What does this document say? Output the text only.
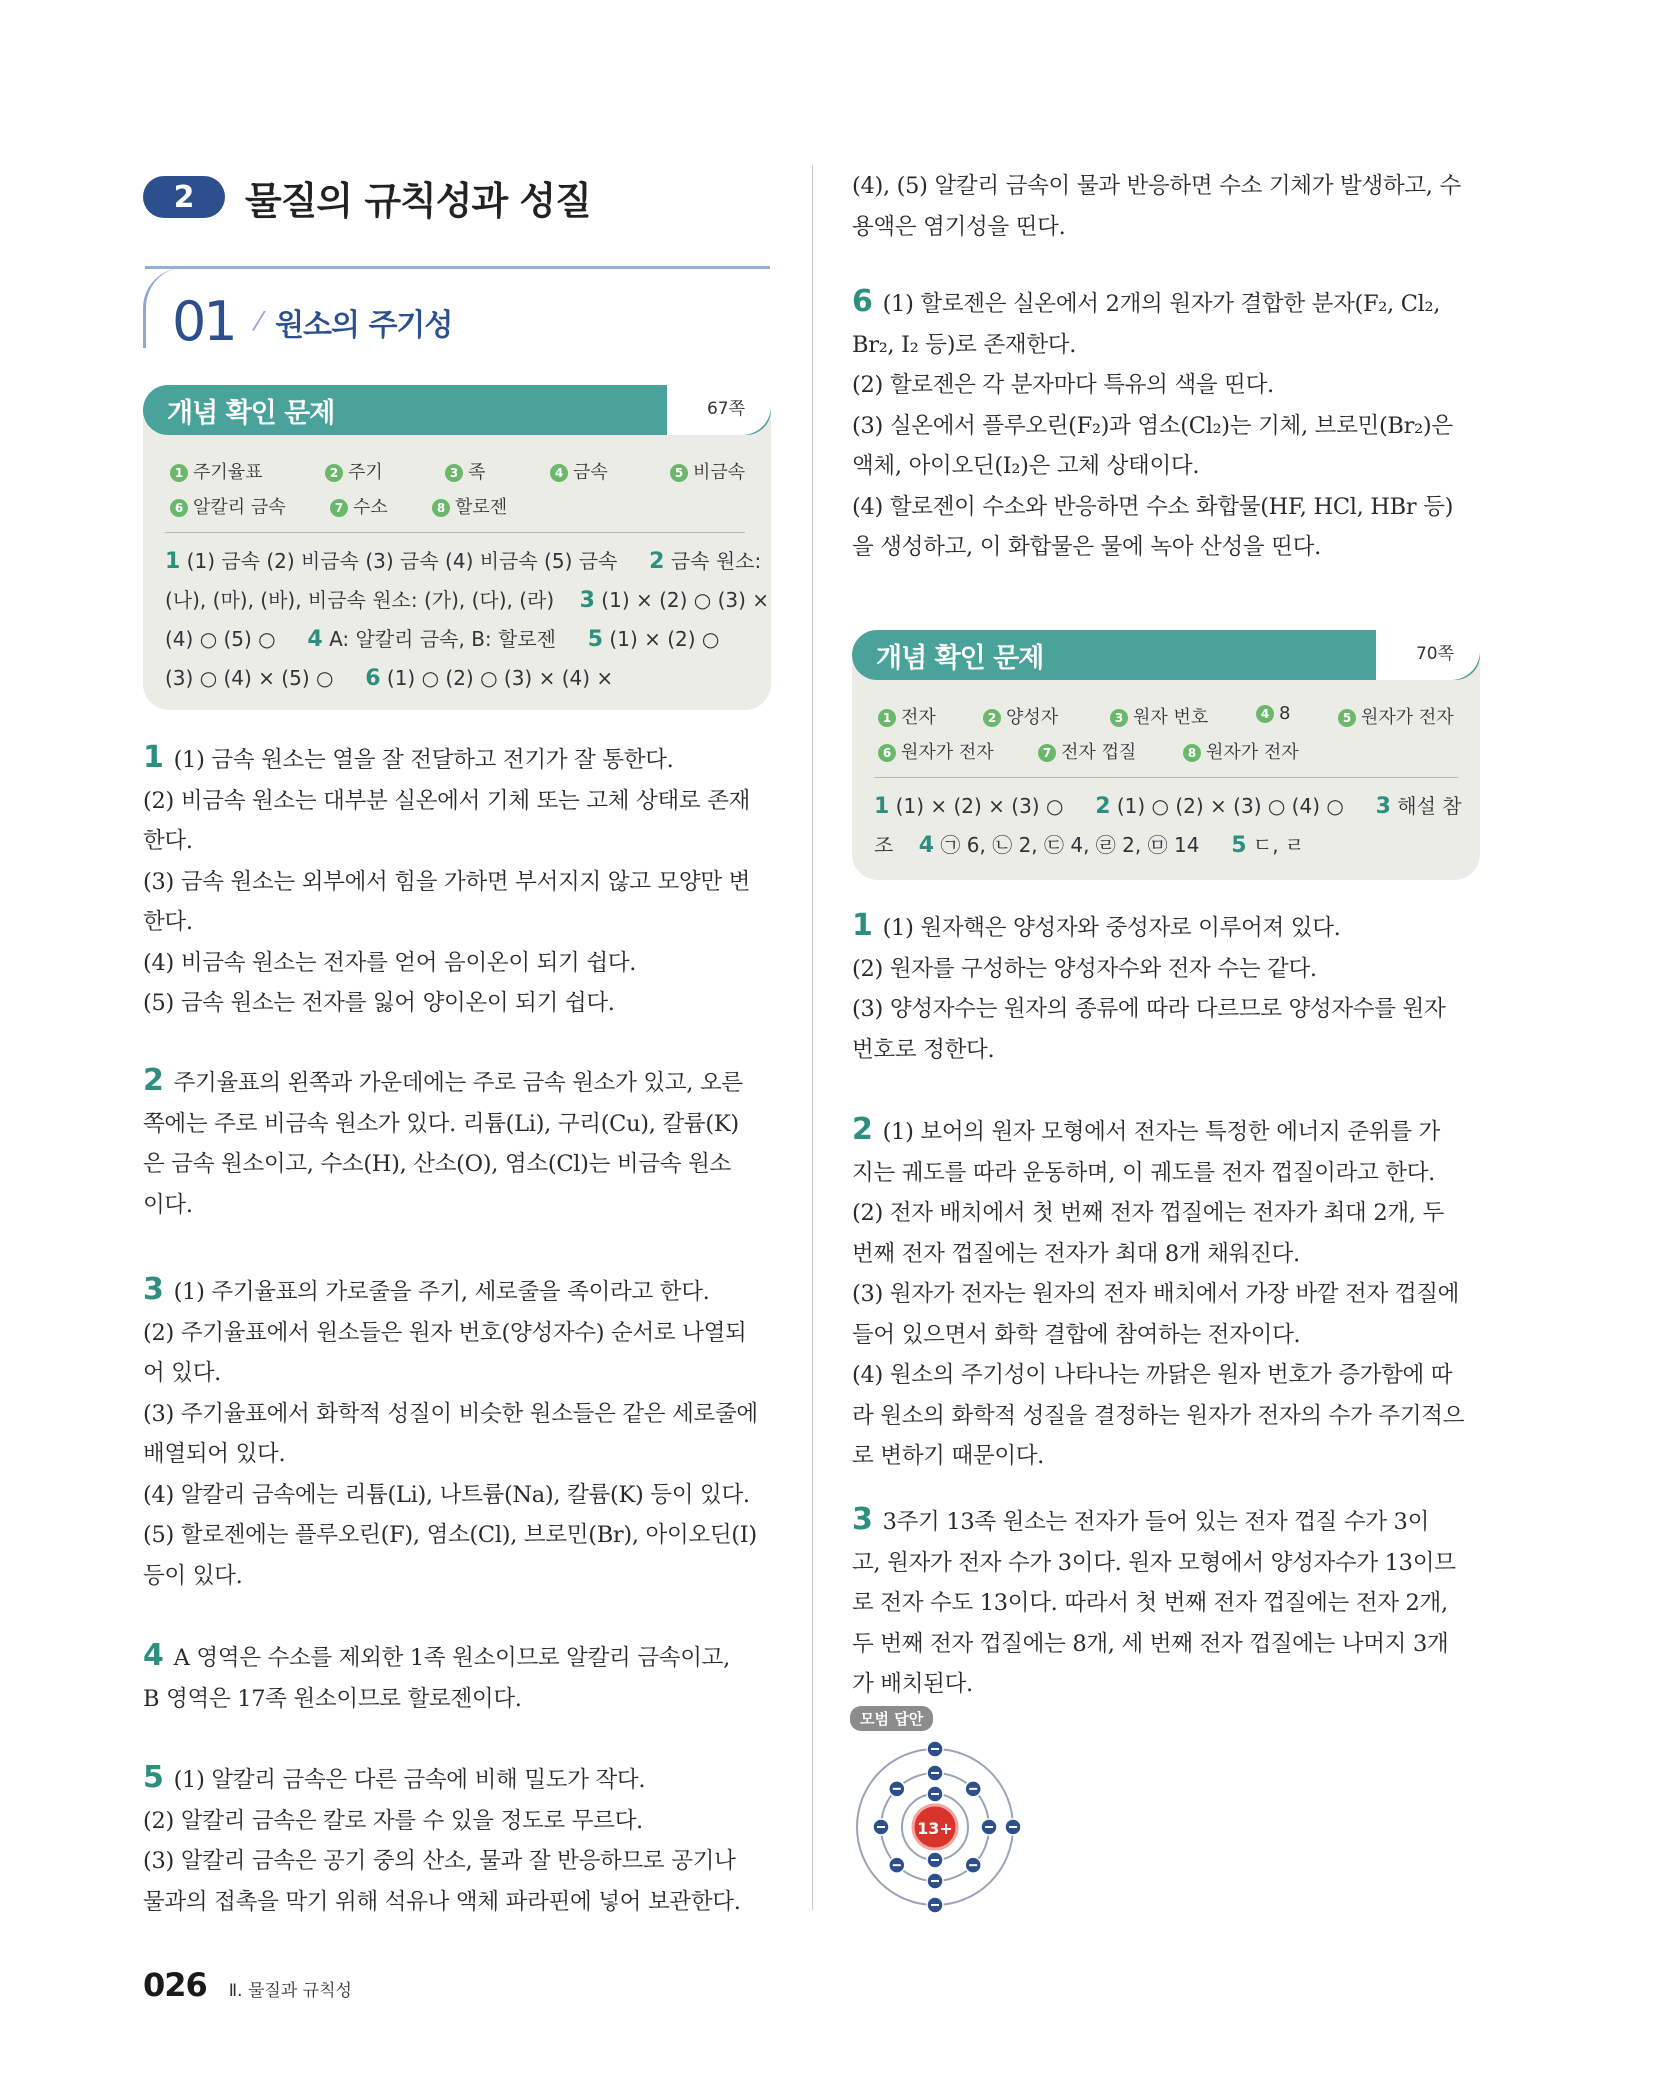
2	물질의 규칙성과 성질
01 ⁄ 원소의 주기성
개념 확인 문제	67쪽
1 주기율표	2 주기	3 족	4 금속	5 비금속
6 알칼리 금속	7 수소	8 할로젠
1 (1) 금속 (2) 비금속 (3) 금속 (4) 비금속 (5) 금속     2 금속 원소:
(나), (마), (바), 비금속 원소: (가), (다), (라)    3 (1) × (2) ○ (3) ×
(4) ○ (5) ○     4 A: 알칼리 금속, B: 할로젠     5 (1) × (2) ○
(3) ○ (4) × (5) ○     6 (1) ○ (2) ○ (3) × (4) ×
1 (1) 금속 원소는 열을 잘 전달하고 전기가 잘 통한다.
(2) 비금속 원소는 대부분 실온에서 기체 또는 고체 상태로 존재
한다.
(3) 금속 원소는 외부에서 힘을 가하면 부서지지 않고 모양만 변
한다.
(4) 비금속 원소는 전자를 얻어 음이온이 되기 쉽다.
(5) 금속 원소는 전자를 잃어 양이온이 되기 쉽다.
2 주기율표의 왼쪽과 가운데에는 주로 금속 원소가 있고, 오른
쪽에는 주로 비금속 원소가 있다. 리튬(Li), 구리(Cu), 칼륨(K)
은 금속 원소이고, 수소(H), 산소(O), 염소(Cl)는 비금속 원소
이다.
3 (1) 주기율표의 가로줄을 주기, 세로줄을 족이라고 한다.
(2) 주기율표에서 원소들은 원자 번호(양성자수) 순서로 나열되
어 있다.
(3) 주기율표에서 화학적 성질이 비슷한 원소들은 같은 세로줄에
배열되어 있다.
(4) 알칼리 금속에는 리튬(Li), 나트륨(Na), 칼륨(K) 등이 있다.
(5) 할로젠에는 플루오린(F), 염소(Cl), 브로민(Br), 아이오딘(I)
등이 있다.
4 A 영역은 수소를 제외한 1족 원소이므로 알칼리 금속이고,
B 영역은 17족 원소이므로 할로젠이다.
5 (1) 알칼리 금속은 다른 금속에 비해 밀도가 작다.
(2) 알칼리 금속은 칼로 자를 수 있을 정도로 무르다.
(3) 알칼리 금속은 공기 중의 산소, 물과 잘 반응하므로 공기나
물과의 접촉을 막기 위해 석유나 액체 파라핀에 넣어 보관한다.
(4), (5) 알칼리 금속이 물과 반응하면 수소 기체가 발생하고, 수
용액은 염기성을 띤다.
6 (1) 할로젠은 실온에서 2개의 원자가 결합한 분자(F₂, Cl₂,
Br₂, I₂ 등)로 존재한다.
(2) 할로젠은 각 분자마다 특유의 색을 띤다.
(3) 실온에서 플루오린(F₂)과 염소(Cl₂)는 기체, 브로민(Br₂)은
액체, 아이오딘(I₂)은 고체 상태이다.
(4) 할로젠이 수소와 반응하면 수소 화합물(HF, HCl, HBr 등)
을 생성하고, 이 화합물은 물에 녹아 산성을 띤다.
개념 확인 문제	70쪽
1 전자	2 양성자	3 원자 번호	4 8	5 원자가 전자
6 원자가 전자	7 전자 껍질	8 원자가 전자
1 (1) × (2) × (3) ○     2 (1) ○ (2) × (3) ○ (4) ○     3 해설 참
조    4 ㉠ 6, ㉡ 2, ㉢ 4, ㉣ 2, ㉤ 14     5 ㄷ, ㄹ
1 (1) 원자핵은 양성자와 중성자로 이루어져 있다.
(2) 원자를 구성하는 양성자수와 전자 수는 같다.
(3) 양성자수는 원자의 종류에 따라 다르므로 양성자수를 원자
번호로 정한다.
2 (1) 보어의 원자 모형에서 전자는 특정한 에너지 준위를 가
지는 궤도를 따라 운동하며, 이 궤도를 전자 껍질이라고 한다.
(2) 전자 배치에서 첫 번째 전자 껍질에는 전자가 최대 2개, 두
번째 전자 껍질에는 전자가 최대 8개 채워진다.
(3) 원자가 전자는 원자의 전자 배치에서 가장 바깥 전자 껍질에
들어 있으면서 화학 결합에 참여하는 전자이다.
(4) 원소의 주기성이 나타나는 까닭은 원자 번호가 증가함에 따
라 원소의 화학적 성질을 결정하는 원자가 전자의 수가 주기적으
로 변하기 때문이다.
3 3주기 13족 원소는 전자가 들어 있는 전자 껍질 수가 3이
고, 원자가 전자 수가 3이다. 원자 모형에서 양성자수가 13이므
로 전자 수도 13이다. 따라서 첫 번째 전자 껍질에는 전자 2개,
두 번째 전자 껍질에는 8개, 세 번째 전자 껍질에는 나머지 3개
가 배치된다.
모범 답안
13+
026 Ⅱ. 물질과 규칙성
